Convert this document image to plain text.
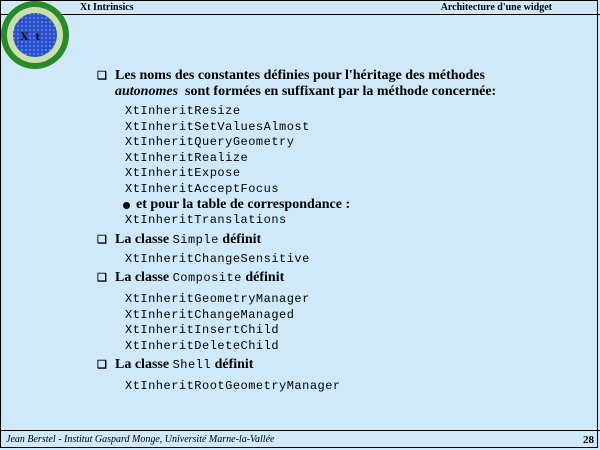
Xt Intrinsics	Architecture d'une widget
X t
❑ Les noms des constantes définies pour l'héritage des méthodes
autonomes sont formées en suffixant par la méthode concernée:
XtInheritResize
XtInheritSetValuesAlmost
XtInheritQueryGeometry
XtInheritRealize
XtInheritExpose
XtInheritAcceptFocus
et pour la table de correspondance :
XtInheritTranslations
❑ La classe Simple définit
XtInheritChangeSensitive
❑ La classe Composite définit
XtInheritGeometryManager
XtInheritChangeManaged
XtInheritInsertChild
XtInheritDeleteChild
❑ La classe Shell définit
XtInheritRootGeometryManager
Jean Berstel - Institut Gaspard Monge, Université Marne-la-Vallée	28
